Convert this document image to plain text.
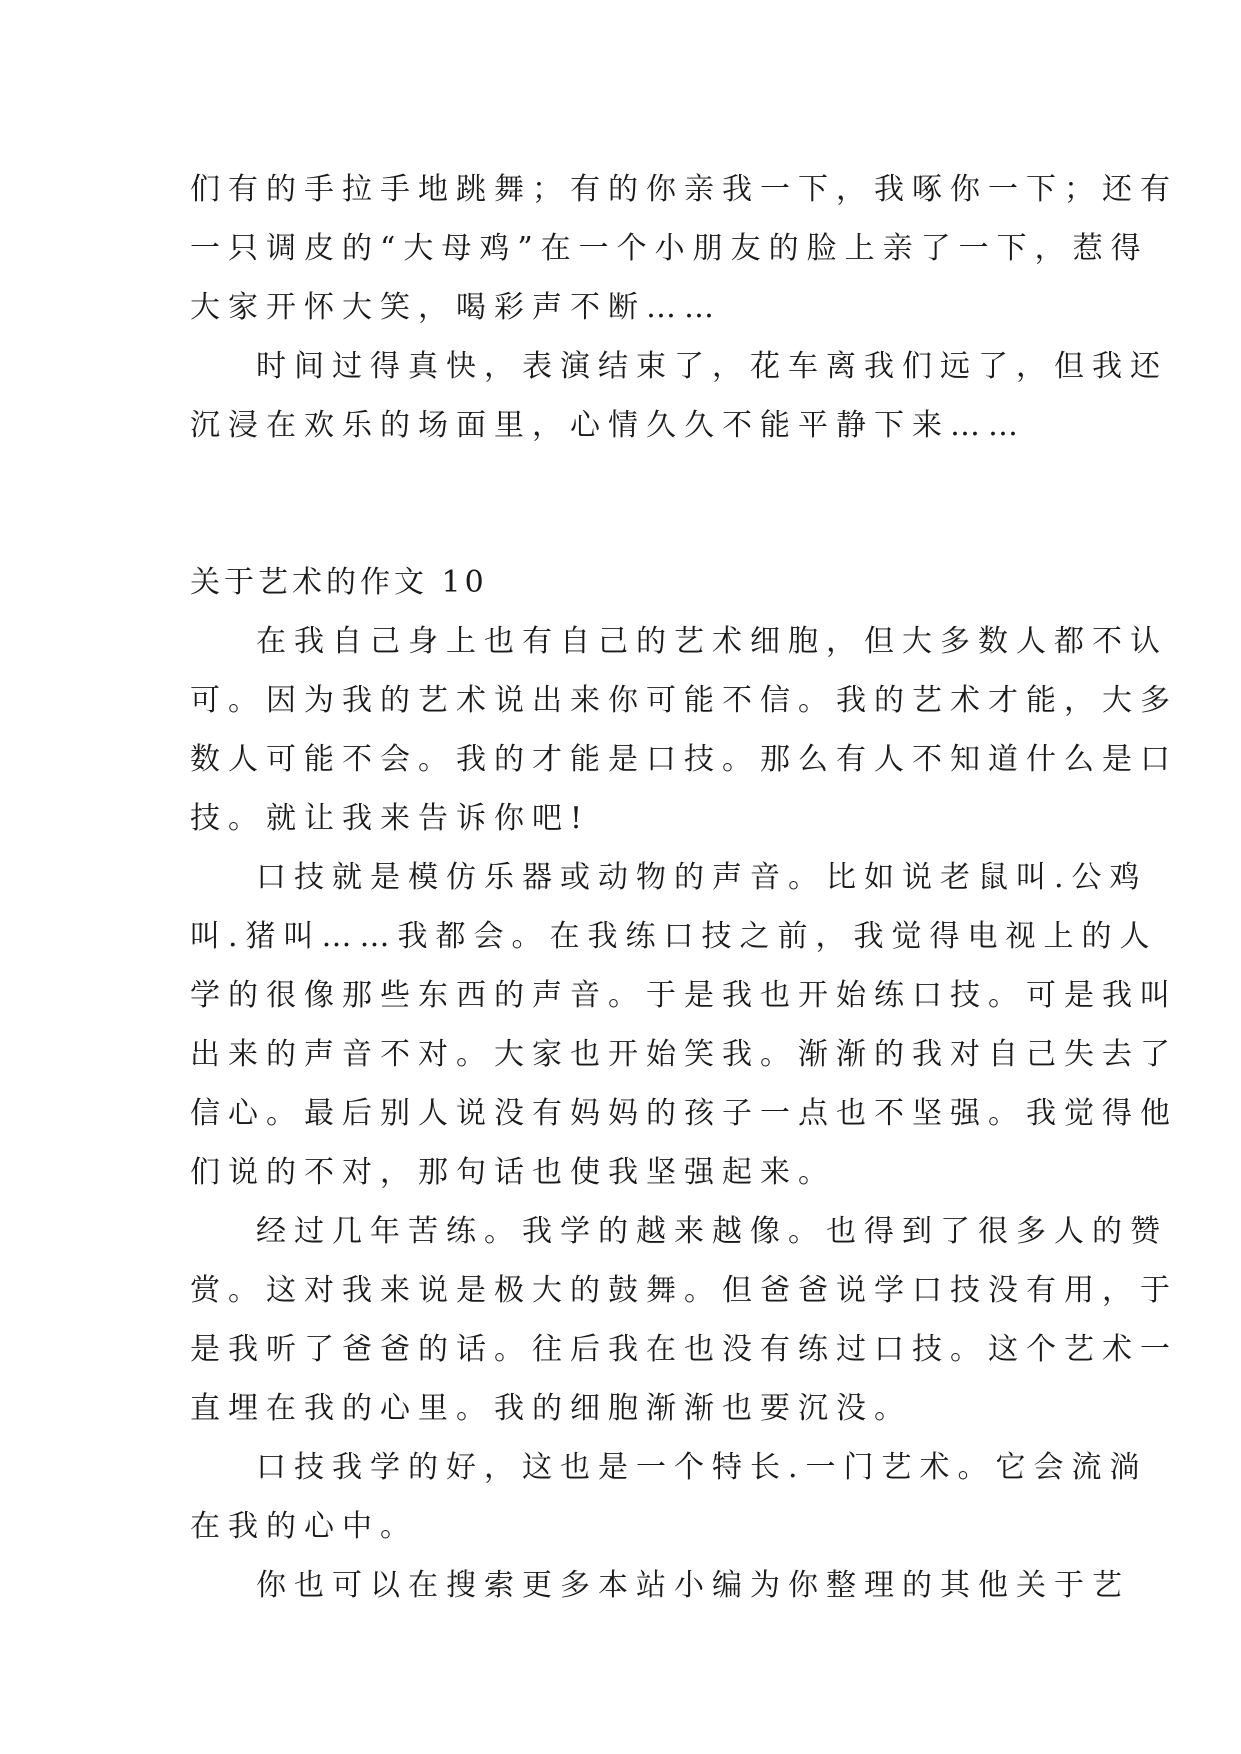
们有的手拉手地跳舞；有的你亲我一下，我啄你一下；还有
一只调皮的“大母鸡”在一个小朋友的脸上亲了一下，惹得
大家开怀大笑，喝彩声不断……
时间过得真快，表演结束了，花车离我们远了，但我还
沉浸在欢乐的场面里，心情久久不能平静下来……
关于艺术的作文 10
在我自己身上也有自己的艺术细胞，但大多数人都不认
可。因为我的艺术说出来你可能不信。我的艺术才能，大多
数人可能不会。我的才能是口技。那么有人不知道什么是口
技。就让我来告诉你吧!
口技就是模仿乐器或动物的声音。比如说老鼠叫.公鸡
叫.猪叫……我都会。在我练口技之前，我觉得电视上的人
学的很像那些东西的声音。于是我也开始练口技。可是我叫
出来的声音不对。大家也开始笑我。渐渐的我对自己失去了
信心。最后别人说没有妈妈的孩子一点也不坚强。我觉得他
们说的不对，那句话也使我坚强起来。
经过几年苦练。我学的越来越像。也得到了很多人的赞
赏。这对我来说是极大的鼓舞。但爸爸说学口技没有用，于
是我听了爸爸的话。往后我在也没有练过口技。这个艺术一
直埋在我的心里。我的细胞渐渐也要沉没。
口技我学的好，这也是一个特长.一门艺术。它会流淌
在我的心中。
你也可以在搜索更多本站小编为你整理的其他关于艺
